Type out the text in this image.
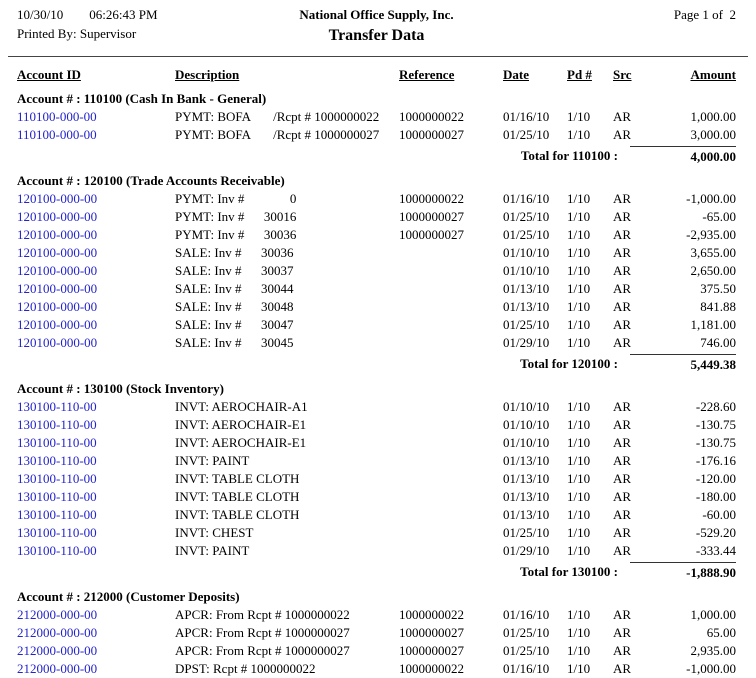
10/30/10 06:26:43 PM	National Office Supply, Inc.	Page 1 of  2
Printed By: Supervisor	Transfer Data
Account ID	Description	Reference	Date	Pd #	Src	Amount
Account # : 110100 (Cash In Bank - General)
110100-000-00	PYMT: BOFA       /Rcpt # 1000000022	1000000022	01/16/10	1/10	AR	1,000.00
110100-000-00	PYMT: BOFA       /Rcpt # 1000000027	1000000027	01/25/10	1/10	AR	3,000.00
Total for 110100 :	4,000.00
Account # : 120100 (Trade Accounts Receivable)
120100-000-00	PYMT: Inv #              0	1000000022	01/16/10	1/10	AR	-1,000.00
120100-000-00	PYMT: Inv #      30016	1000000027	01/25/10	1/10	AR	-65.00
120100-000-00	PYMT: Inv #      30036	1000000027	01/25/10	1/10	AR	-2,935.00
120100-000-00	SALE: Inv #      30036	01/10/10	1/10	AR	3,655.00
120100-000-00	SALE: Inv #      30037	01/10/10	1/10	AR	2,650.00
120100-000-00	SALE: Inv #      30044	01/13/10	1/10	AR	375.50
120100-000-00	SALE: Inv #      30048	01/13/10	1/10	AR	841.88
120100-000-00	SALE: Inv #      30047	01/25/10	1/10	AR	1,181.00
120100-000-00	SALE: Inv #      30045	01/29/10	1/10	AR	746.00
Total for 120100 :	5,449.38
Account # : 130100 (Stock Inventory)
130100-110-00	INVT: AEROCHAIR-A1	01/10/10	1/10	AR	-228.60
130100-110-00	INVT: AEROCHAIR-E1	01/10/10	1/10	AR	-130.75
130100-110-00	INVT: AEROCHAIR-E1	01/10/10	1/10	AR	-130.75
130100-110-00	INVT: PAINT	01/13/10	1/10	AR	-176.16
130100-110-00	INVT: TABLE CLOTH	01/13/10	1/10	AR	-120.00
130100-110-00	INVT: TABLE CLOTH	01/13/10	1/10	AR	-180.00
130100-110-00	INVT: TABLE CLOTH	01/13/10	1/10	AR	-60.00
130100-110-00	INVT: CHEST	01/25/10	1/10	AR	-529.20
130100-110-00	INVT: PAINT	01/29/10	1/10	AR	-333.44
Total for 130100 :	-1,888.90
Account # : 212000 (Customer Deposits)
212000-000-00	APCR: From Rcpt # 1000000022	1000000022	01/16/10	1/10	AR	1,000.00
212000-000-00	APCR: From Rcpt # 1000000027	1000000027	01/25/10	1/10	AR	65.00
212000-000-00	APCR: From Rcpt # 1000000027	1000000027	01/25/10	1/10	AR	2,935.00
212000-000-00	DPST: Rcpt # 1000000022	1000000022	01/16/10	1/10	AR	-1,000.00
